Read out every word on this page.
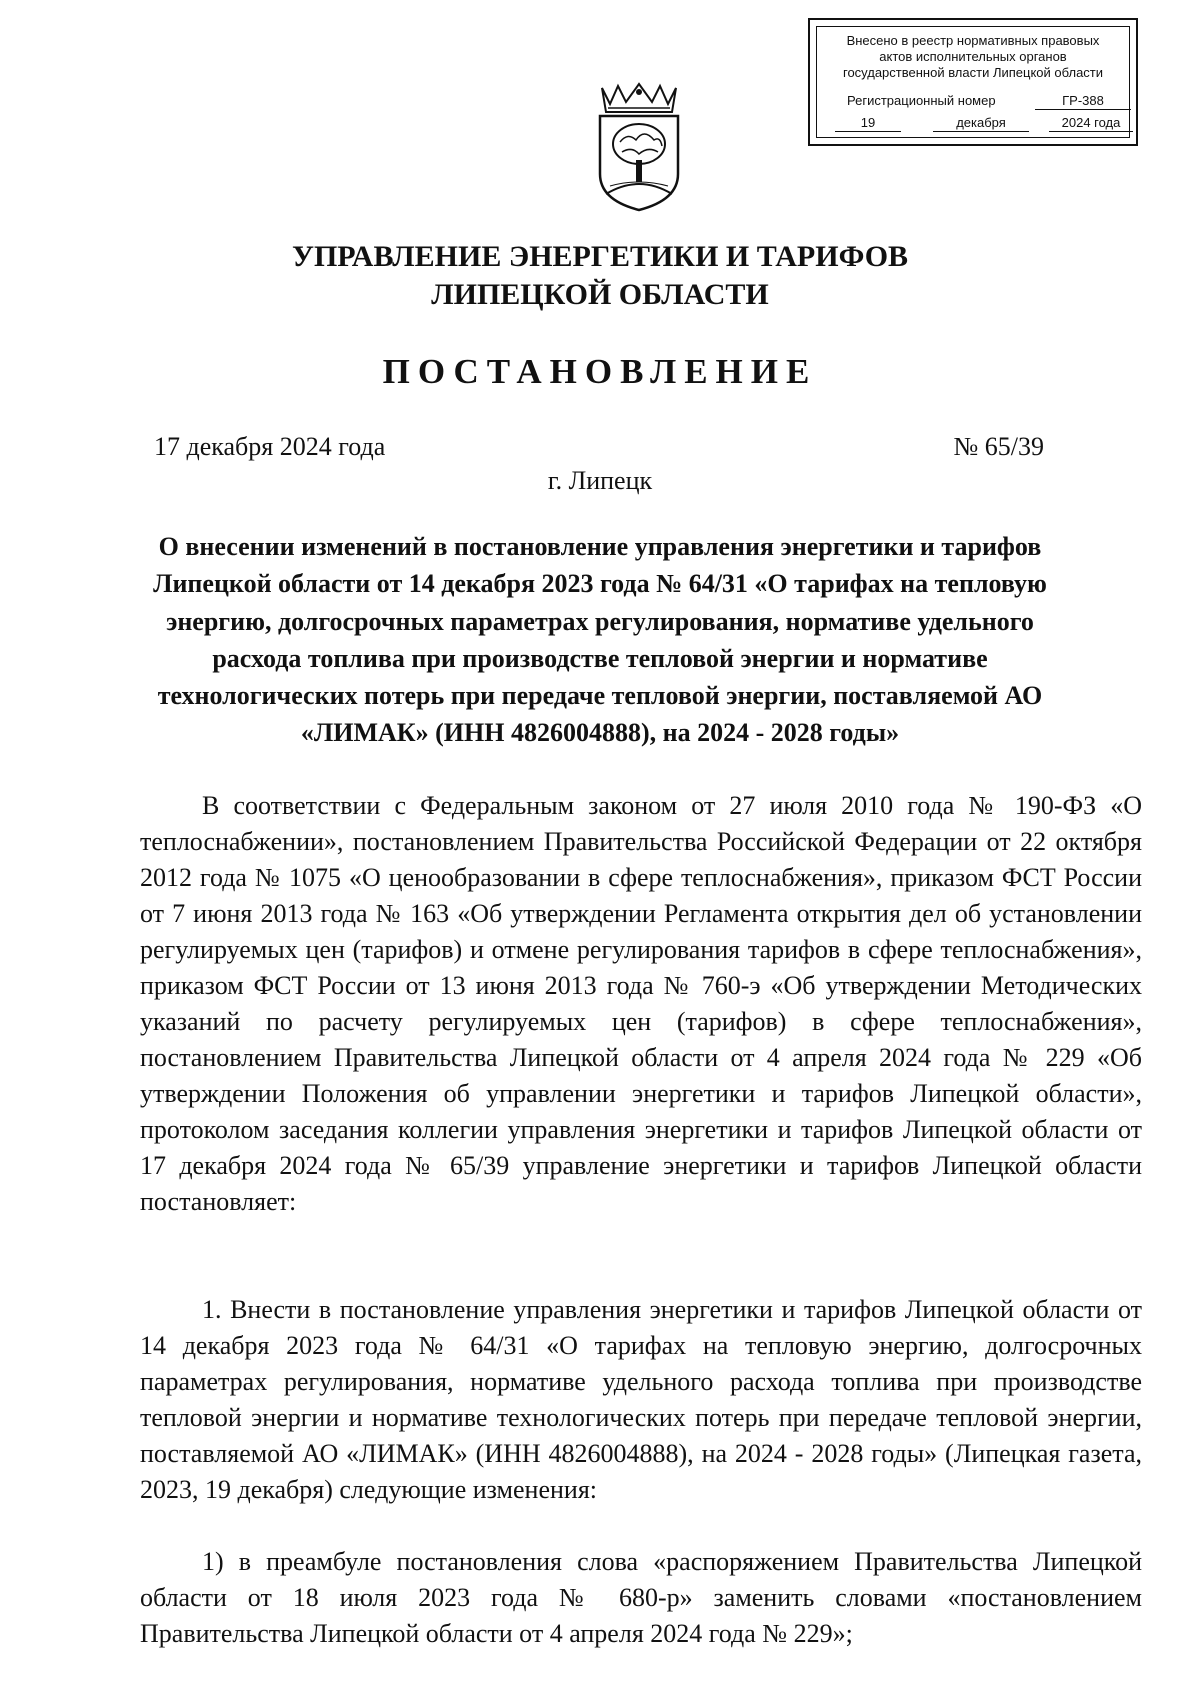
Внесено в реестр нормативных правовых
актов исполнительных органов
государственной власти Липецкой области
Регистрационный номер	ГР-388
19	декабря	2024 года
УПРАВЛЕНИЕ ЭНЕРГЕТИКИ И ТАРИФОВ
ЛИПЕЦКОЙ ОБЛАСТИ
ПОСТАНОВЛЕНИЕ
17 декабря 2024 года	№ 65/39
г. Липецк
О внесении изменений в постановление управления энергетики и тарифов Липецкой области от 14 декабря 2023 года № 64/31 «О тарифах на тепловую энергию, долгосрочных параметрах регулирования, нормативе удельного расхода топлива при производстве тепловой энергии и нормативе технологических потерь при передаче тепловой энергии, поставляемой АО «ЛИМАК» (ИНН 4826004888), на 2024 - 2028 годы»

В соответствии с Федеральным законом от 27 июля 2010 года № 190-ФЗ «О теплоснабжении», постановлением Правительства Российской Федерации от 22 октября 2012 года № 1075 «О ценообразовании в сфере теплоснабжения», приказом ФСТ России от 7 июня 2013 года № 163 «Об утверждении Регламента открытия дел об установлении регулируемых цен (тарифов) и отмене регулирования тарифов в сфере теплоснабжения», приказом ФСТ России от 13 июня 2013 года № 760-э «Об утверждении Методических указаний по расчету регулируемых цен (тарифов) в сфере теплоснабжения», постановлением Правительства Липецкой области от 4 апреля 2024 года № 229 «Об утверждении Положения об управлении энергетики и тарифов Липецкой области», протоколом заседания коллегии управления энергетики и тарифов Липецкой области от 17 декабря 2024 года № 65/39 управление энергетики и тарифов Липецкой области постановляет:

1. Внести в постановление управления энергетики и тарифов Липецкой области от 14 декабря 2023 года № 64/31 «О тарифах на тепловую энергию, долгосрочных параметрах регулирования, нормативе удельного расхода топлива при производстве тепловой энергии и нормативе технологических потерь при передаче тепловой энергии, поставляемой АО «ЛИМАК» (ИНН 4826004888), на 2024 - 2028 годы» (Липецкая газета, 2023, 19 декабря) следующие изменения:

1) в преамбуле постановления слова «распоряжением Правительства Липецкой области от 18 июля 2023 года № 680-р» заменить словами «постановлением Правительства Липецкой области от 4 апреля 2024 года № 229»;
